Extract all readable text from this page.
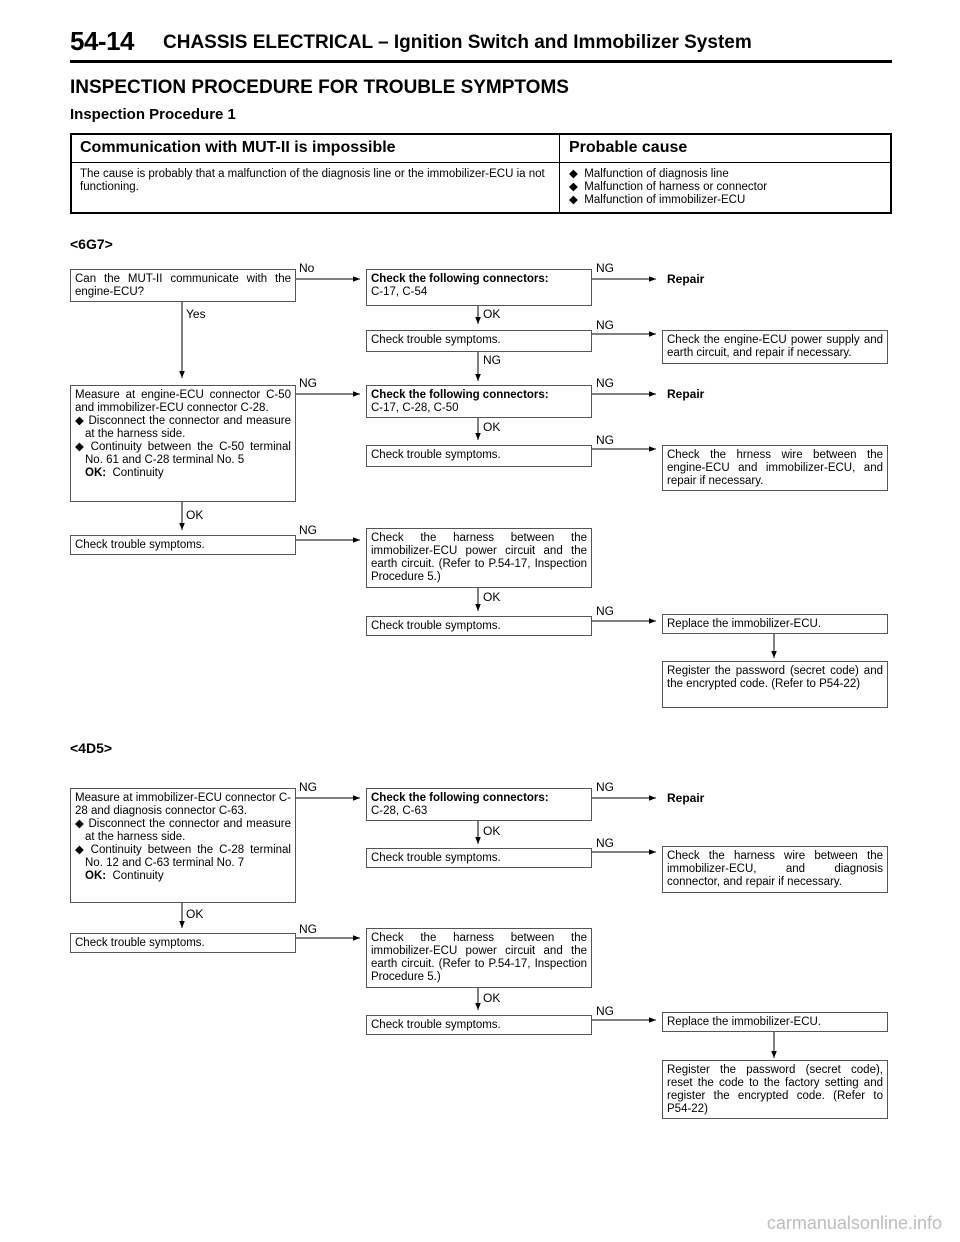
54-14 CHASSIS ELECTRICAL – Ignition Switch and Immobilizer System
INSPECTION PROCEDURE FOR TROUBLE SYMPTOMS
Inspection Procedure 1
Communication with MUT-II is impossible	Probable cause
The cause is probably that a malfunction of the diagnosis line or the immobilizer-ECU ia not functioning.
◆  Malfunction of diagnosis line
◆  Malfunction of harness or connector
◆  Malfunction of immobilizer-ECU
<6G7>
Can the MUT-II communicate with the engine-ECU?
Check the following connectors:
C-17, C-54
Check trouble symptoms.	Check the engine-ECU power supply and earth circuit, and repair if necessary.
Measure at engine-ECU connector C-50 and immobilizer-ECU connector C-28.
◆ Disconnect the connector and measure at the harness side.
◆ Continuity between the C-50 terminal No. 61 and C-28 terminal No. 5
OK: Continuity
Check the following connectors:
C-17, C-28, C-50
Check trouble symptoms.	Check the hrness wire between the engine-ECU and immobilizer-ECU, and repair if necessary.
Check trouble symptoms.
Check the harness between the immobilizer-ECU power circuit and the earth circuit. (Refer to P.54-17, Inspection Procedure 5.)
Check trouble symptoms.	Replace the immobilizer-ECU.
Register the password (secret code) and the encrypted code. (Refer to P54-22)
Repair
Repair
No	NG
Yes	OK
NG
NG
NG	NG
OK
NG
OK
NG
OK
NG
<4D5>
Measure at immobilizer-ECU connector C-28 and diagnosis connector C-63.
◆ Disconnect the connector and measure at the harness side.
◆ Continuity between the C-28 terminal No. 12 and C-63 terminal No. 7
OK: Continuity
Check the following connectors:
C-28, C-63
Check trouble symptoms.	Check the harness wire between the immobilizer-ECU, and diagnosis connector, and repair if necessary.
Check trouble symptoms.	Check the harness between the immobilizer-ECU power circuit and the earth circuit. (Refer to P.54-17, Inspection Procedure 5.)
Check trouble symptoms.	Replace the immobilizer-ECU.
Register the password (secret code), reset the code to the factory setting and register the encrypted code. (Refer to P54-22)
Repair
NG	NG
OK
NG
OK
NG
OK
NG
carmanualsonline.info
